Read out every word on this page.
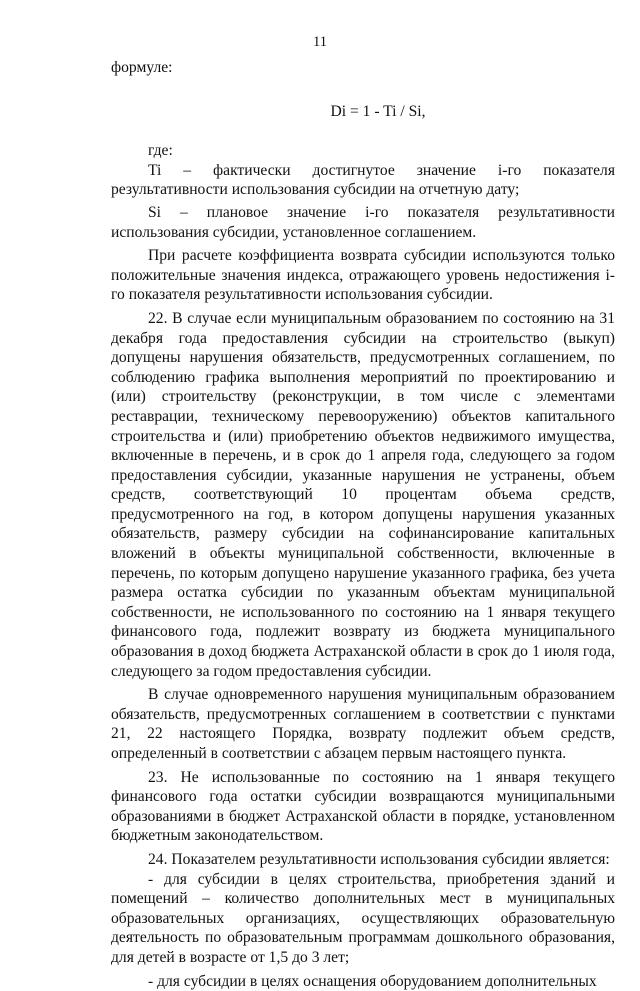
11

формуле:

Di = 1 - Ti / Si,

где:

Ti – фактически достигнутое значение i-го показателя результативности использования субсидии на отчетную дату;

Si – плановое значение i-го показателя результативности использования субсидии, установленное соглашением.

При расчете коэффициента возврата субсидии используются только положительные значения индекса, отражающего уровень недостижения i-го показателя результативности использования субсидии.

22. В случае если муниципальным образованием по состоянию на 31 декабря года предоставления субсидии на строительство (выкуп) допущены нарушения обязательств, предусмотренных соглашением, по соблюдению графика выполнения мероприятий по проектированию и (или) строительству (реконструкции, в том числе с элементами реставрации, техническому перевооружению) объектов капитального строительства и (или) приобретению объектов недвижимого имущества, включенные в перечень, и в срок до 1 апреля года, следующего за годом предоставления субсидии, указанные нарушения не устранены, объем средств, соответствующий 10 процентам объема средств, предусмотренного на год, в котором допущены нарушения указанных обязательств, размеру субсидии на софинансирование капитальных вложений в объекты муниципальной собственности, включенные в перечень, по которым допущено нарушение указанного графика, без учета размера остатка субсидии по указанным объектам муниципальной собственности, не использованного по состоянию на 1 января текущего финансового года, подлежит возврату из бюджета муниципального образования в доход бюджета Астраханской области в срок до 1 июля года, следующего за годом предоставления субсидии.

В случае одновременного нарушения муниципальным образованием обязательств, предусмотренных соглашением в соответствии с пунктами 21, 22 настоящего Порядка, возврату подлежит объем средств, определенный в соответствии с абзацем первым настоящего пункта.

23. Не использованные по состоянию на 1 января текущего финансового года остатки субсидии возвращаются муниципальными образованиями в бюджет Астраханской области в порядке, установленном бюджетным законодательством.

24. Показателем результативности использования субсидии является:

- для субсидии в целях строительства, приобретения зданий и помещений – количество дополнительных мест в муниципальных образовательных организациях, осуществляющих образовательную деятельность по образовательным программам дошкольного образования, для детей в возрасте от 1,5 до 3 лет;

- для субсидии в целях оснащения оборудованием дополнительных
